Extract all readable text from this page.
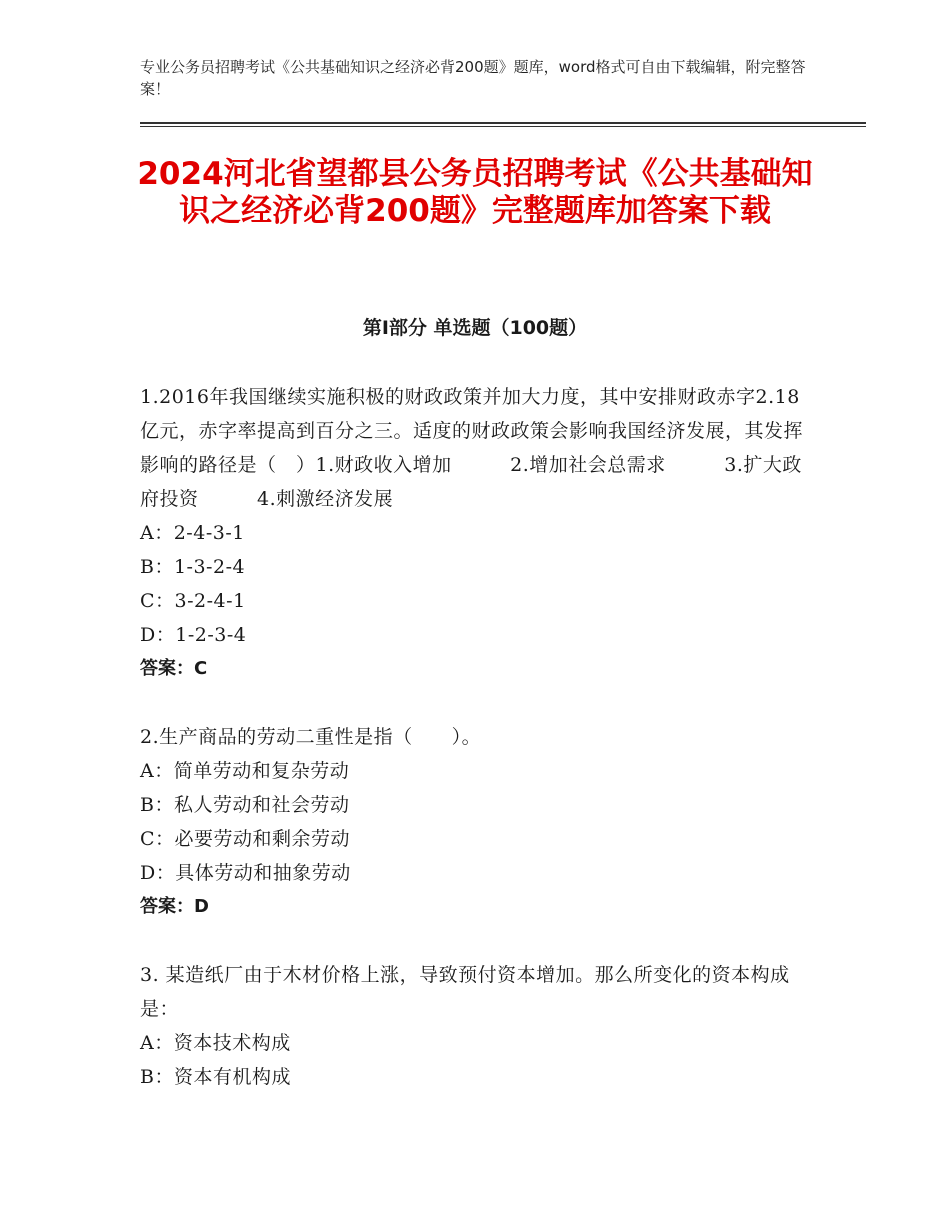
专业公务员招聘考试《公共基础知识之经济必背200题》题库，word格式可自由下载编辑，附完整答案！
2024河北省望都县公务员招聘考试《公共基础知识之经济必背200题》完整题库加答案下载
第Ⅰ部分 单选题（100题）

1.2016年我国继续实施积极的财政政策并加大力度，其中安排财政赤字2.18亿元，赤字率提高到百分之三。适度的财政政策会影响我国经济发展，其发挥影响的路径是（　）1.财政收入增加　　　2.增加社会总需求　　　3.扩大政府投资　　　4.刺激经济发展

A：2-4-3-1

B：1-3-2-4

C：3-2-4-1

D：1-2-3-4

答案：C

2.生产商品的劳动二重性是指（　　）。

A：简单劳动和复杂劳动

B：私人劳动和社会劳动

C：必要劳动和剩余劳动

D：具体劳动和抽象劳动

答案：D

3. 某造纸厂由于木材价格上涨，导致预付资本增加。那么所变化的资本构成是：

A：资本技术构成

B：资本有机构成
